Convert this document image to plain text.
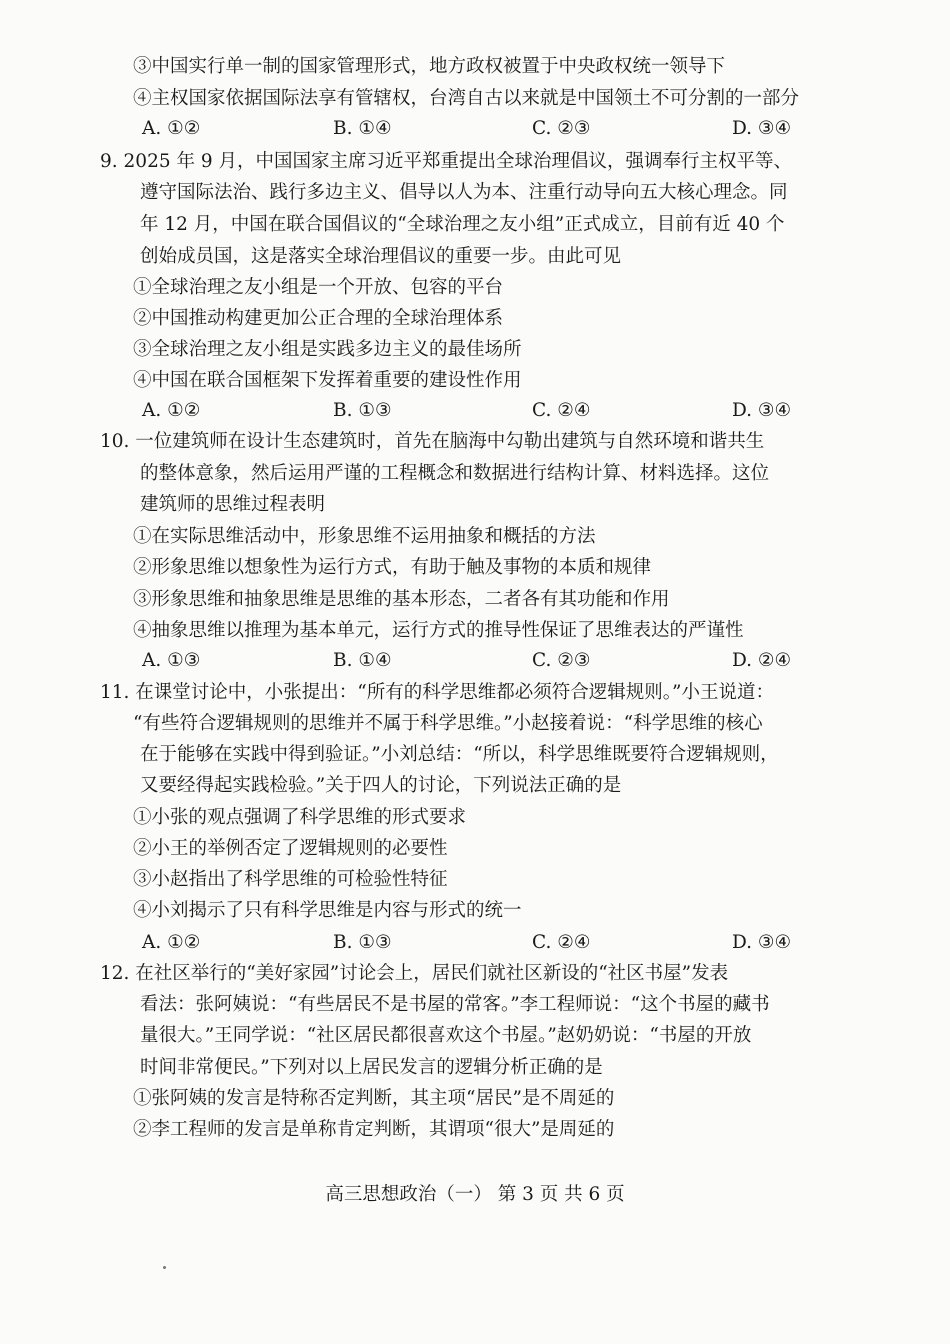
③中国实行单一制的国家管理形式，地方政权被置于中央政权统一领导下
④主权国家依据国际法享有管辖权，台湾自古以来就是中国领土不可分割的一部分
A. ①②	B. ①④	C. ②③	D. ③④
9. 2025 年 9 月，中国国家主席习近平郑重提出全球治理倡议，强调奉行主权平等、
遵守国际法治、践行多边主义、倡导以人为本、注重行动导向五大核心理念。同
年 12 月，中国在联合国倡议的“全球治理之友小组”正式成立，目前有近 40 个
创始成员国，这是落实全球治理倡议的重要一步。由此可见
①全球治理之友小组是一个开放、包容的平台
②中国推动构建更加公正合理的全球治理体系
③全球治理之友小组是实践多边主义的最佳场所
④中国在联合国框架下发挥着重要的建设性作用
A. ①②	B. ①③	C. ②④	D. ③④
10. 一位建筑师在设计生态建筑时，首先在脑海中勾勒出建筑与自然环境和谐共生
的整体意象，然后运用严谨的工程概念和数据进行结构计算、材料选择。这位
建筑师的思维过程表明
①在实际思维活动中，形象思维不运用抽象和概括的方法
②形象思维以想象性为运行方式，有助于触及事物的本质和规律
③形象思维和抽象思维是思维的基本形态，二者各有其功能和作用
④抽象思维以推理为基本单元，运行方式的推导性保证了思维表达的严谨性
A. ①③	B. ①④	C. ②③	D. ②④
11. 在课堂讨论中，小张提出：“所有的科学思维都必须符合逻辑规则。”小王说道：
“有些符合逻辑规则的思维并不属于科学思维。”小赵接着说：“科学思维的核心
在于能够在实践中得到验证。”小刘总结：“所以，科学思维既要符合逻辑规则，
又要经得起实践检验。”关于四人的讨论，下列说法正确的是
①小张的观点强调了科学思维的形式要求
②小王的举例否定了逻辑规则的必要性
③小赵指出了科学思维的可检验性特征
④小刘揭示了只有科学思维是内容与形式的统一
A. ①②	B. ①③	C. ②④	D. ③④
12. 在社区举行的“美好家园”讨论会上，居民们就社区新设的“社区书屋”发表
看法：张阿姨说：“有些居民不是书屋的常客。”李工程师说：“这个书屋的藏书
量很大。”王同学说：“社区居民都很喜欢这个书屋。”赵奶奶说：“书屋的开放
时间非常便民。”下列对以上居民发言的逻辑分析正确的是
①张阿姨的发言是特称否定判断，其主项“居民”是不周延的
②李工程师的发言是单称肯定判断，其谓项“很大”是周延的
高三思想政治（一） 第 3 页 共 6 页
